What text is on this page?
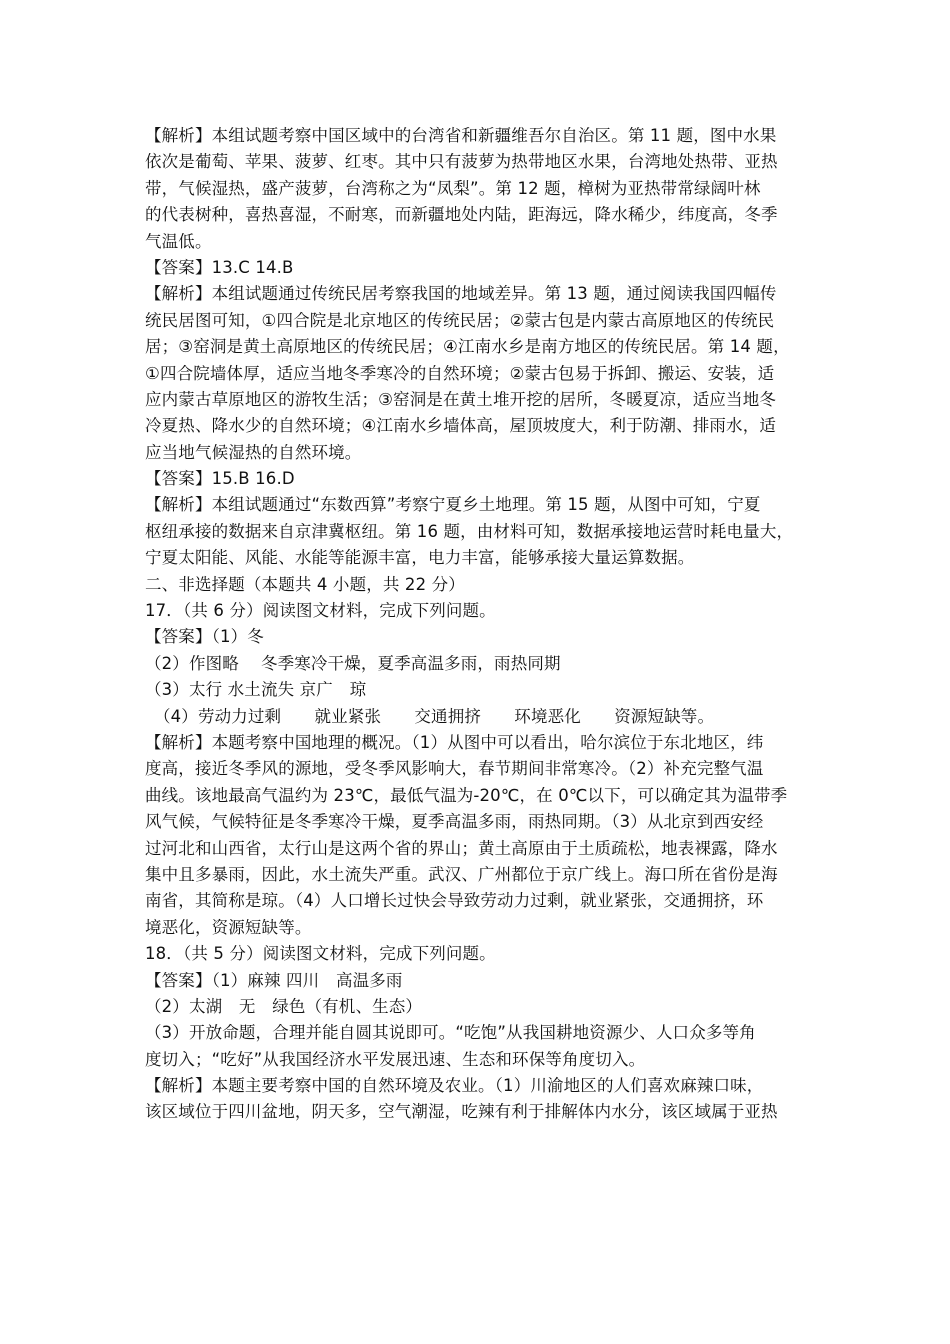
【解析】本组试题考察中国区域中的台湾省和新疆维吾尔自治区。第 11 题，图中水果
依次是葡萄、苹果、菠萝、红枣。其中只有菠萝为热带地区水果，台湾地处热带、亚热
带，气候湿热，盛产菠萝，台湾称之为“凤梨”。第 12 题，樟树为亚热带常绿阔叶林
的代表树种，喜热喜湿，不耐寒，而新疆地处内陆，距海远，降水稀少，纬度高，冬季
气温低。
【答案】13.C 14.B
【解析】本组试题通过传统民居考察我国的地域差异。第 13 题，通过阅读我国四幅传
统民居图可知，①四合院是北京地区的传统民居；②蒙古包是内蒙古高原地区的传统民
居；③窑洞是黄土高原地区的传统民居；④江南水乡是南方地区的传统民居。第 14 题，
①四合院墙体厚，适应当地冬季寒冷的自然环境；②蒙古包易于拆卸、搬运、安装，适
应内蒙古草原地区的游牧生活；③窑洞是在黄土堆开挖的居所，冬暖夏凉，适应当地冬
冷夏热、降水少的自然环境；④江南水乡墙体高，屋顶坡度大，利于防潮、排雨水，适
应当地气候湿热的自然环境。
【答案】15.B 16.D
【解析】本组试题通过“东数西算”考察宁夏乡土地理。第 15 题，从图中可知，宁夏
枢纽承接的数据来自京津冀枢纽。第 16 题，由材料可知，数据承接地运营时耗电量大，
宁夏太阳能、风能、水能等能源丰富，电力丰富，能够承接大量运算数据。
二、非选择题（本题共 4 小题，共 22 分）
17．（共 6 分）阅读图文材料，完成下列问题。
【答案】（1）冬
（2）作图略　 冬季寒冷干燥，夏季高温多雨，雨热同期
（3）太行 水土流失 京广　琼
（4）劳动力过剩　　就业紧张　　交通拥挤　　环境恶化　　资源短缺等。
【解析】本题考察中国地理的概况。（1）从图中可以看出，哈尔滨位于东北地区，纬
度高，接近冬季风的源地，受冬季风影响大，春节期间非常寒冷。（2）补充完整气温
曲线。该地最高气温约为 23℃，最低气温为-20℃，在 0℃以下，可以确定其为温带季
风气候，气候特征是冬季寒冷干燥，夏季高温多雨，雨热同期。（3）从北京到西安经
过河北和山西省，太行山是这两个省的界山；黄土高原由于土质疏松，地表裸露，降水
集中且多暴雨，因此，水土流失严重。武汉、广州都位于京广线上。海口所在省份是海
南省，其简称是琼。（4）人口增长过快会导致劳动力过剩，就业紧张，交通拥挤，环
境恶化，资源短缺等。
18．（共 5 分）阅读图文材料，完成下列问题。
【答案】（1）麻辣 四川　高温多雨
（2）太湖　无　绿色（有机、生态）
（3）开放命题，合理并能自圆其说即可。“吃饱”从我国耕地资源少、人口众多等角
度切入；“吃好”从我国经济水平发展迅速、生态和环保等角度切入。
【解析】本题主要考察中国的自然环境及农业。（1）川渝地区的人们喜欢麻辣口味，
该区域位于四川盆地，阴天多，空气潮湿，吃辣有利于排解体内水分，该区域属于亚热
